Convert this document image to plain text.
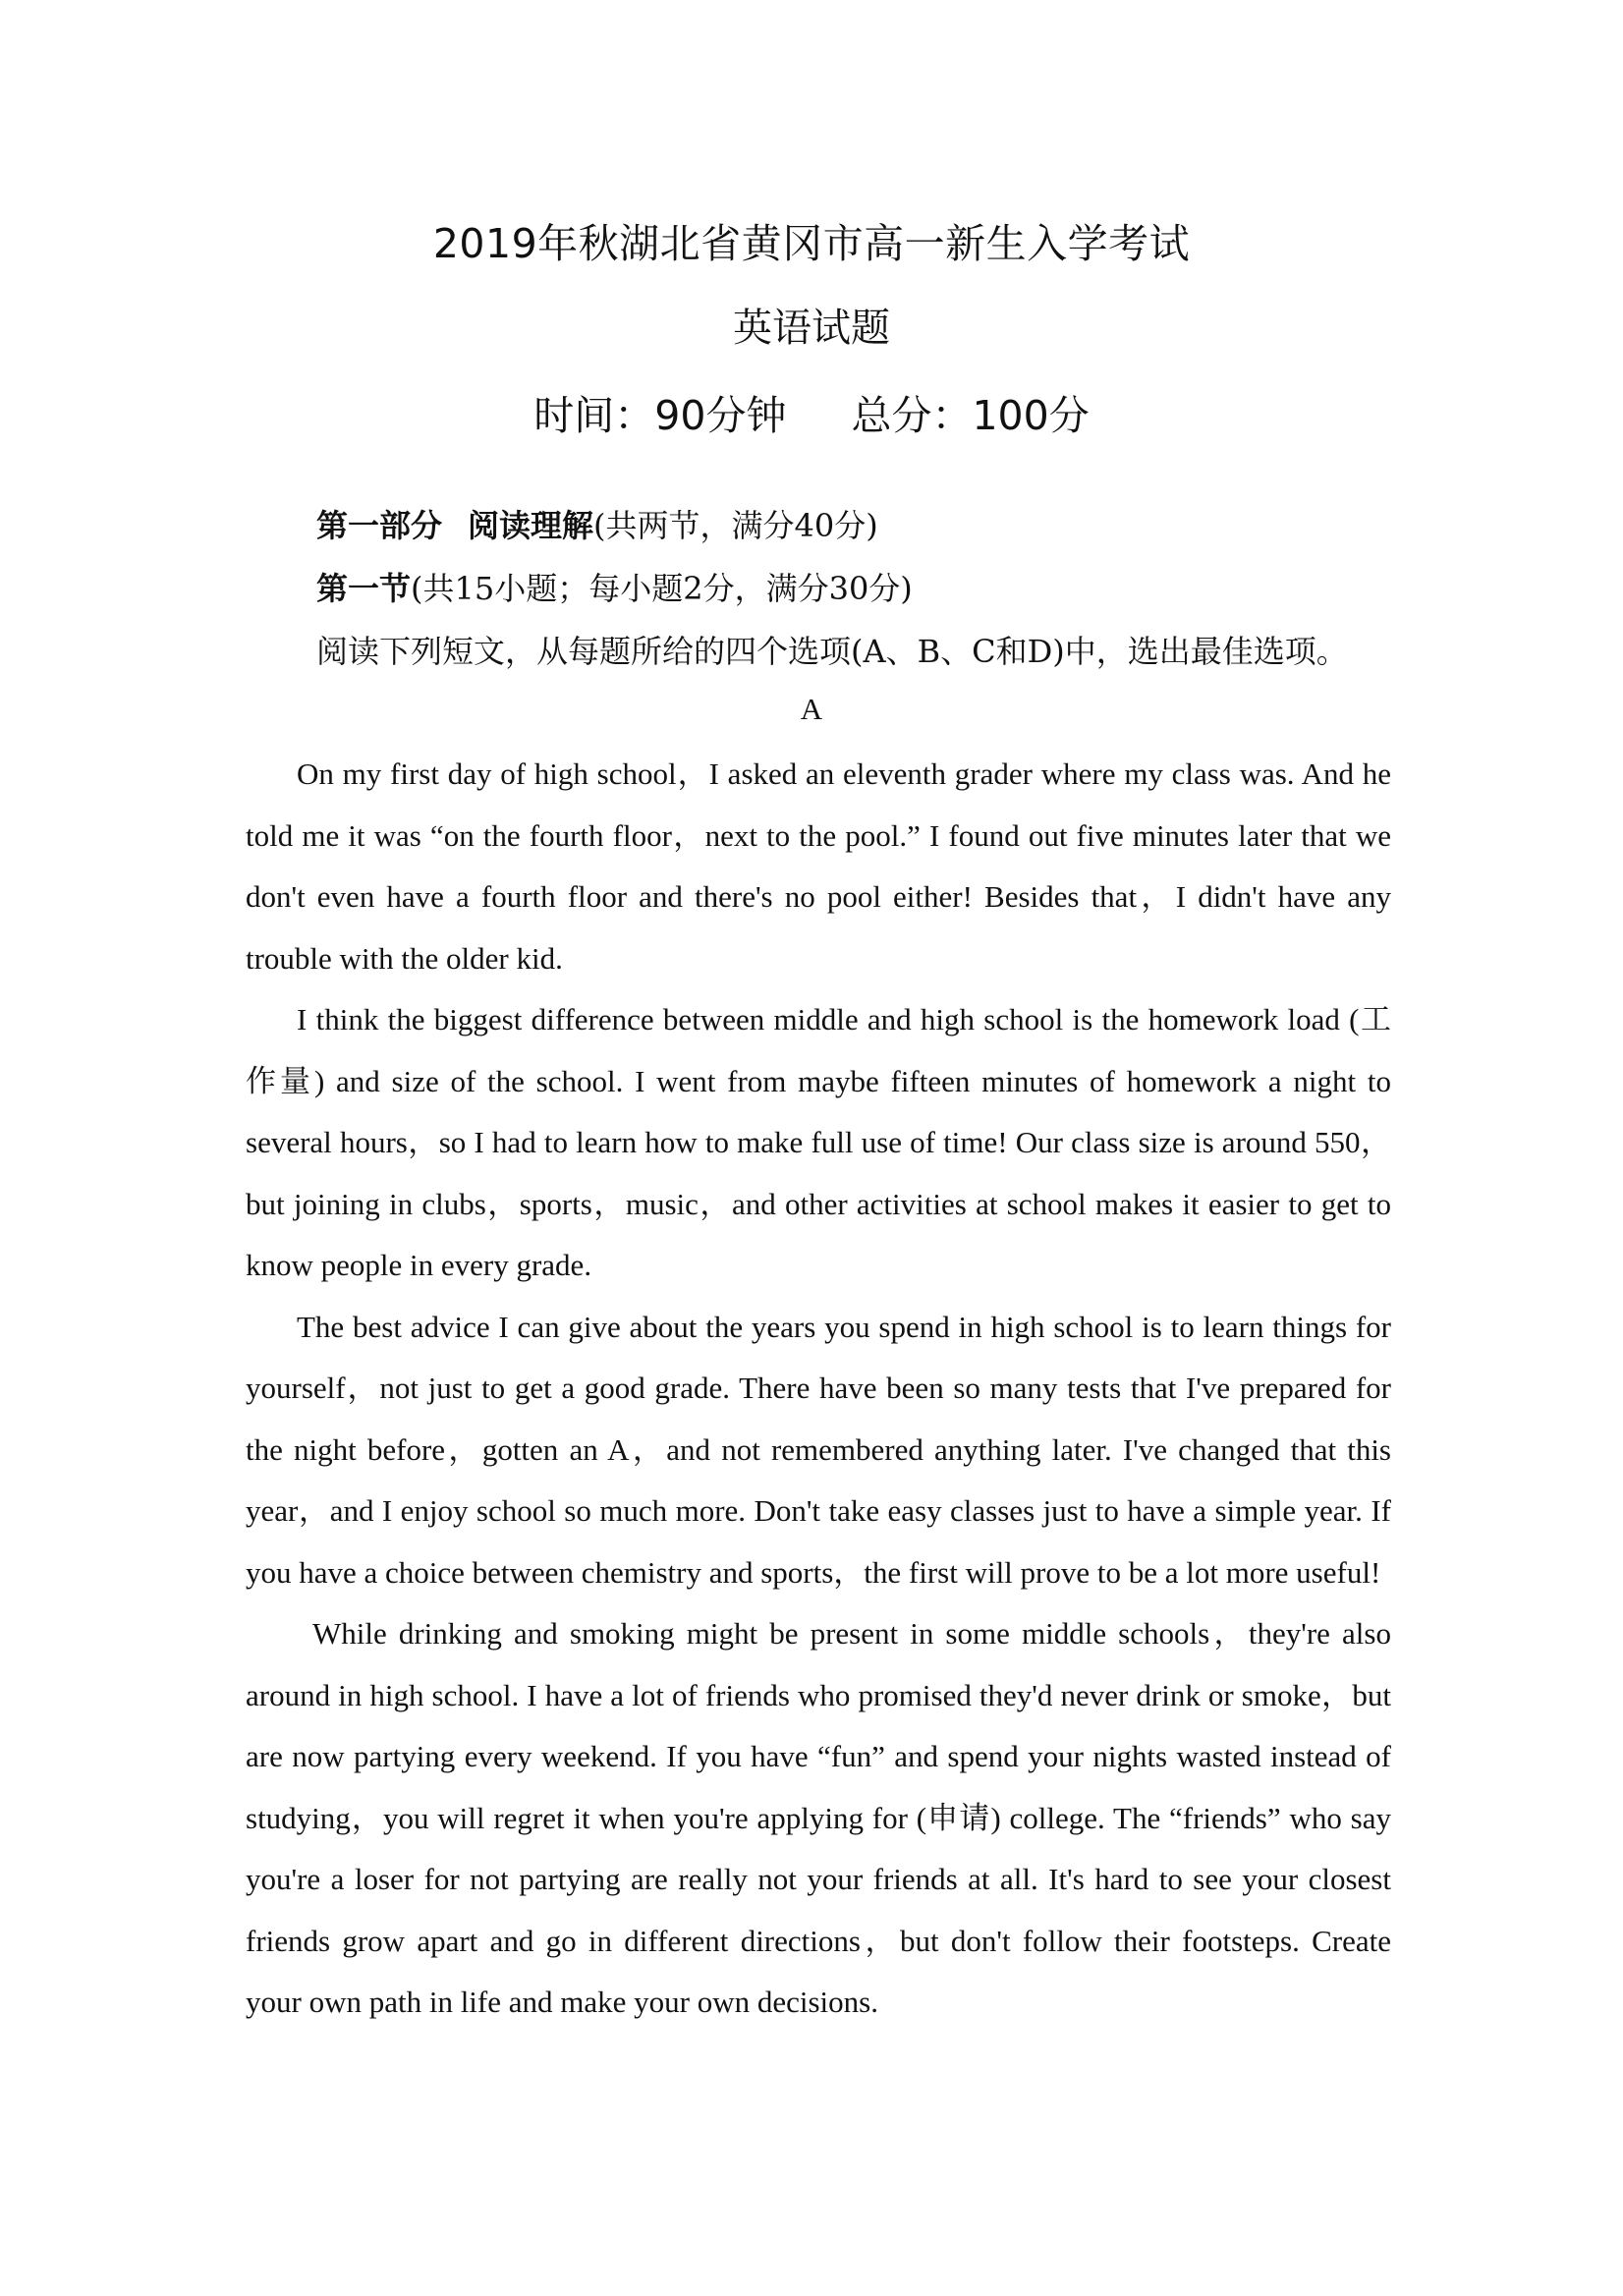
2019年秋湖北省黄冈市高一新生入学考试
英语试题
时间：90分钟 总分：100分
第一部分 阅读理解(共两节，满分40分)
第一节(共15小题；每小题2分，满分30分)
阅读下列短文，从每题所给的四个选项(A、B、C和D)中，选出最佳选项。
A

On my first day of high school，I asked an eleventh grader where my class was. And he told me it was “on the fourth floor，next to the pool.” I found out five minutes later that we don't even have a fourth floor and there's no pool either! Besides that，I didn't have any trouble with the older kid.

I think the biggest difference between middle and high school is the homework load (工作量) and size of the school. I went from maybe fifteen minutes of homework a night to several hours，so I had to learn how to make full use of time! Our class size is around 550，but joining in clubs，sports，music，and other activities at school makes it easier to get to know people in every grade.

The best advice I can give about the years you spend in high school is to learn things for yourself，not just to get a good grade. There have been so many tests that I've prepared for the night before，gotten an A，and not remembered anything later. I've changed that this year，and I enjoy school so much more. Don't take easy classes just to have a simple year. If you have a choice between chemistry and sports，the first will prove to be a lot more useful!

While drinking and smoking might be present in some middle schools，they're also around in high school. I have a lot of friends who promised they'd never drink or smoke，but are now partying every weekend. If you have “fun” and spend your nights wasted instead of studying，you will regret it when you're applying for (申请) college. The “friends” who say you're a loser for not partying are really not your friends at all. It's hard to see your closest friends grow apart and go in different directions，but don't follow their footsteps. Create your own path in life and make your own decisions.
